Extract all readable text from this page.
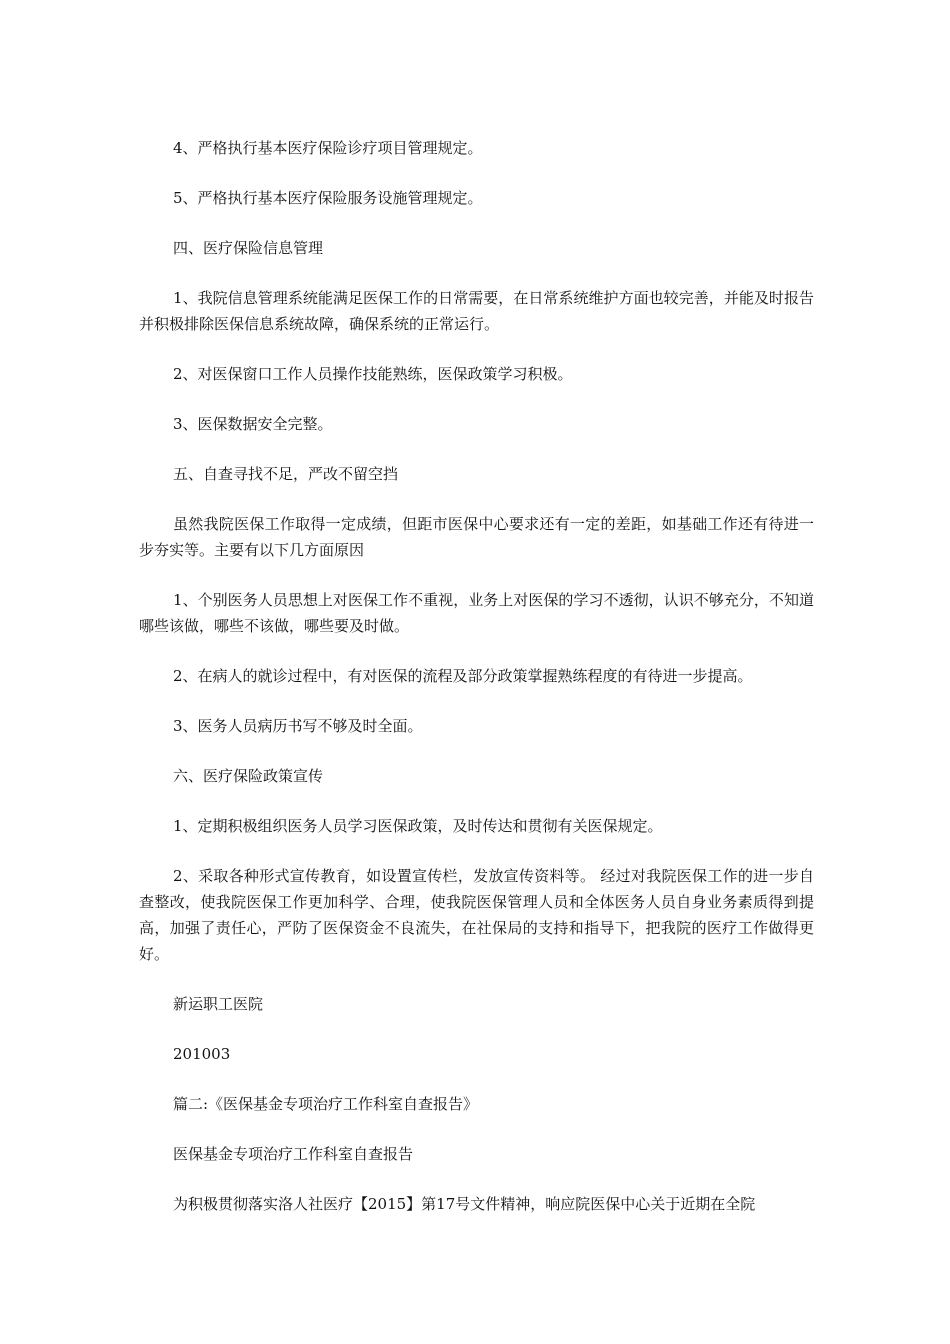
4、严格执行基本医疗保险诊疗项目管理规定。

5、严格执行基本医疗保险服务设施管理规定。

四、医疗保险信息管理

1、我院信息管理系统能满足医保工作的日常需要，在日常系统维护方面也较完善，并能及时报告并积极排除医保信息系统故障，确保系统的正常运行。

2、对医保窗口工作人员操作技能熟练，医保政策学习积极。

3、医保数据安全完整。

五、自查寻找不足，严改不留空挡

虽然我院医保工作取得一定成绩，但距市医保中心要求还有一定的差距，如基础工作还有待进一步夯实等。主要有以下几方面原因

1、个别医务人员思想上对医保工作不重视，业务上对医保的学习不透彻，认识不够充分，不知道哪些该做，哪些不该做，哪些要及时做。

2、在病人的就诊过程中，有对医保的流程及部分政策掌握熟练程度的有待进一步提高。

3、医务人员病历书写不够及时全面。

六、医疗保险政策宣传

1、定期积极组织医务人员学习医保政策，及时传达和贯彻有关医保规定。

2、采取各种形式宣传教育，如设置宣传栏，发放宣传资料等。 经过对我院医保工作的进一步自查整改，使我院医保工作更加科学、合理，使我院医保管理人员和全体医务人员自身业务素质得到提高，加强了责任心，严防了医保资金不良流失，在社保局的支持和指导下，把我院的医疗工作做得更好。

新运职工医院

201003

篇二:《医保基金专项治疗工作科室自查报告》

医保基金专项治疗工作科室自查报告

为积极贯彻落实洛人社医疗【2015】第17号文件精神，响应院医保中心关于近期在全院
